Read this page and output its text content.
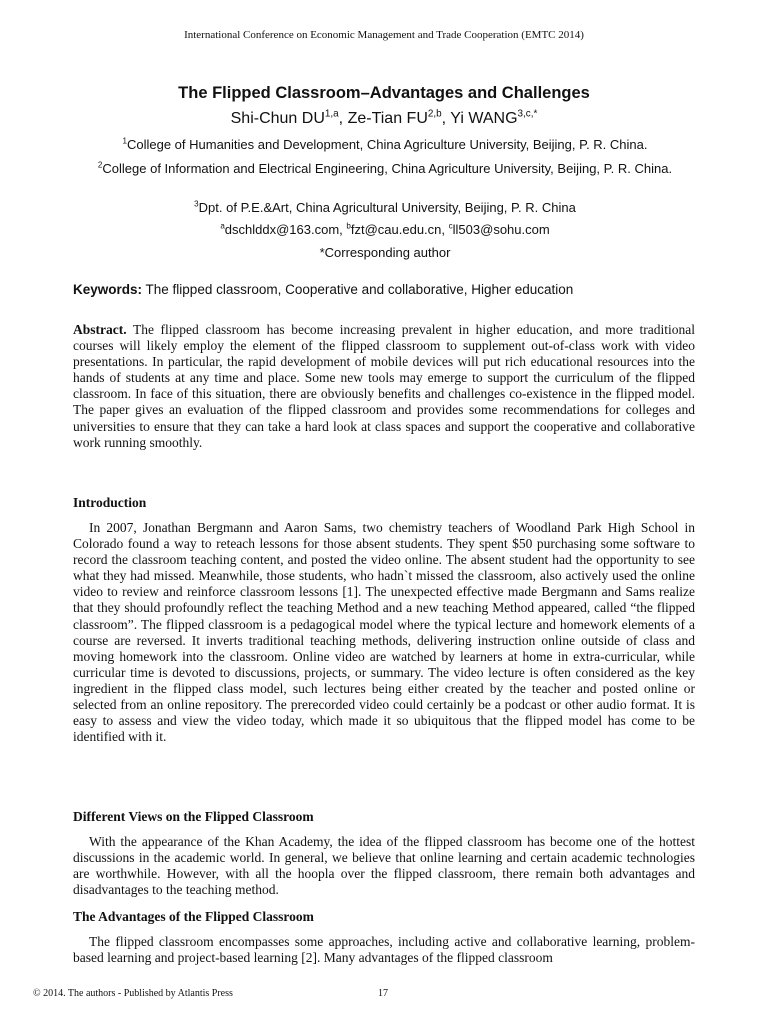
International Conference on Economic Management and Trade Cooperation (EMTC 2014)
The Flipped Classroom–Advantages and Challenges
Shi-Chun DU$^{1,a}$, Ze-Tian FU$^{2,b}$, Yi $WANG^{3,c,*}$
$^1$College of Humanities and Development, China Agriculture University, Beijing, P. R. China.
$^2$College of Information and Electrical Engineering, China Agriculture University, Beijing, P. R. China.
$^3$Dpt. of P.E.&Art, China Agricultural University, Beijing, P. R. China
$^a$dschlddx@163.com, $^b$fzt@cau.edu.cn, $^c$ll503@sohu.com
*Corresponding author
Keywords: The flipped classroom, Cooperative and collaborative, Higher education

Abstract. The flipped classroom has become increasing prevalent in higher education, and more traditional courses will likely employ the element of the flipped classroom to supplement out-of-class work with video presentations. In particular, the rapid development of mobile devices will put rich educational resources into the hands of students at any time and place. Some new tools may emerge to support the curriculum of the flipped classroom. In face of this situation, there are obviously benefits and challenges co-existence in the flipped model. The paper gives an evaluation of the flipped classroom and provides some recommendations for colleges and universities to ensure that they can take a hard look at class spaces and support the cooperative and collaborative work running smoothly.

Introduction

In 2007, Jonathan Bergmann and Aaron Sams, two chemistry teachers of Woodland Park High School in Colorado found a way to reteach lessons for those absent students. They spent $50 purchasing some software to record the classroom teaching content, and posted the video online. The absent student had the opportunity to see what they had missed. Meanwhile, those students, who hadn`t missed the classroom, also actively used the online video to review and reinforce classroom lessons [1]. The unexpected effective made Bergmann and Sams realize that they should profoundly reflect the teaching Method and a new teaching Method appeared, called “the flipped classroom”. The flipped classroom is a pedagogical model where the typical lecture and homework elements of a course are reversed. It inverts traditional teaching methods, delivering instruction online outside of class and moving homework into the classroom. Online video are watched by learners at home in extra-curricular, while curricular time is devoted to discussions, projects, or summary. The video lecture is often considered as the key ingredient in the flipped class model, such lectures being either created by the teacher and posted online or selected from an online repository. The prerecorded video could certainly be a podcast or other audio format. It is easy to assess and view the video today, which made it so ubiquitous that the flipped model has come to be identified with it.

Different Views on the Flipped Classroom

With the appearance of the Khan Academy, the idea of the flipped classroom has become one of the hottest discussions in the academic world. In general, we believe that online learning and certain academic technologies are worthwhile. However, with all the hoopla over the flipped classroom, there remain both advantages and disadvantages to the teaching method.

The Advantages of the Flipped Classroom

The flipped classroom encompasses some approaches, including active and collaborative learning, problem-based learning and project-based learning [2]. Many advantages of the flipped classroom

© 2014. The authors - Published by Atlantis Press	17
